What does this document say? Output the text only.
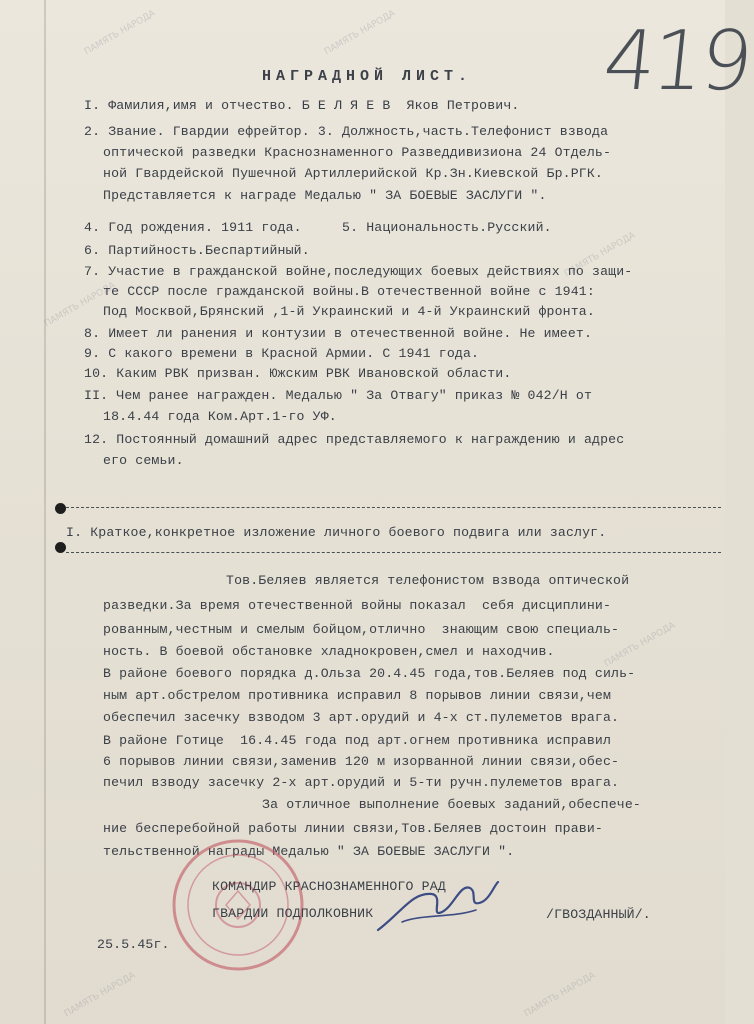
ПАМЯТЬ НАРОДА	ПАМЯТЬ НАРОДА
ПАМЯТЬ НАРОДА
ПАМЯТЬ НАРОДА
ПАМЯТЬ НАРОДА
ПАМЯТЬ НАРОДА	ПАМЯТЬ НАРОДА
419
НАГРАДНОЙ ЛИСТ.
I. Фамилия,имя и отчество. Б Е Л Я Е В  Яков Петрович.
2. Звание. Гвардии ефрейтор. 3. Должность,часть.Телефонист взвода
оптической разведки Краснознаменного Разведдивизиона 24 Отдель-
ной Гвардейской Пушечной Артиллерийской Кр.Зн.Киевской Бр.РГК.
Представляется к награде Медалью " ЗА БОЕВЫЕ ЗАСЛУГИ ".
4. Год рождения. 1911 года.     5. Национальность.Русский.
6. Партийность.Беспартийный.
7. Участие в гражданской войне,последующих боевых действиях по защи-
те СССР после гражданской войны.В отечественной войне с 1941:
Под Москвой,Брянский ,1-й Украинский и 4-й Украинский фронта.
8. Имеет ли ранения и контузии в отечественной войне. Не имеет.
9. С какого времени в Красной Армии. С 1941 года.
10. Каким РВК призван. Южским РВК Ивановской области.
II. Чем ранее награжден. Медалью " За Отвагу" приказ № 042/Н от
18.4.44 года Ком.Арт.1-го УФ.
12. Постоянный домашний адрес представляемого к награждению и адрес
его семьи.
I. Краткое,конкретное изложение личного боевого подвига или заслуг.
Тов.Беляев является телефонистом взвода оптической
разведки.За время отечественной войны показал  себя дисциплини-
рованным,честным и смелым бойцом,отлично  знающим свою специаль-
ность. В боевой обстановке хладнокровен,смел и находчив.
В районе боевого порядка д.Ольза 20.4.45 года,тов.Беляев под силь-
ным арт.обстрелом противника исправил 8 порывов линии связи,чем
обеспечил засечку взводом 3 арт.орудий и 4-х ст.пулеметов врага.
В районе Готице  16.4.45 года под арт.огнем противника исправил
6 порывов линии связи,заменив 120 м изорванной линии связи,обес-
печил взводу засечку 2-х арт.орудий и 5-ти ручн.пулеметов врага.
За отличное выполнение боевых заданий,обеспече-
ние бесперебойной работы линии связи,Тов.Беляев достоин прави-
тельственной награды Медалью " ЗА БОЕВЫЕ ЗАСЛУГИ ".
КОМАНДИР КРАСНОЗНАМЕННОГО РАД
ГВАРДИИ ПОДПОЛКОВНИК	/ГВОЗДАННЫЙ/.
25.5.45г.
